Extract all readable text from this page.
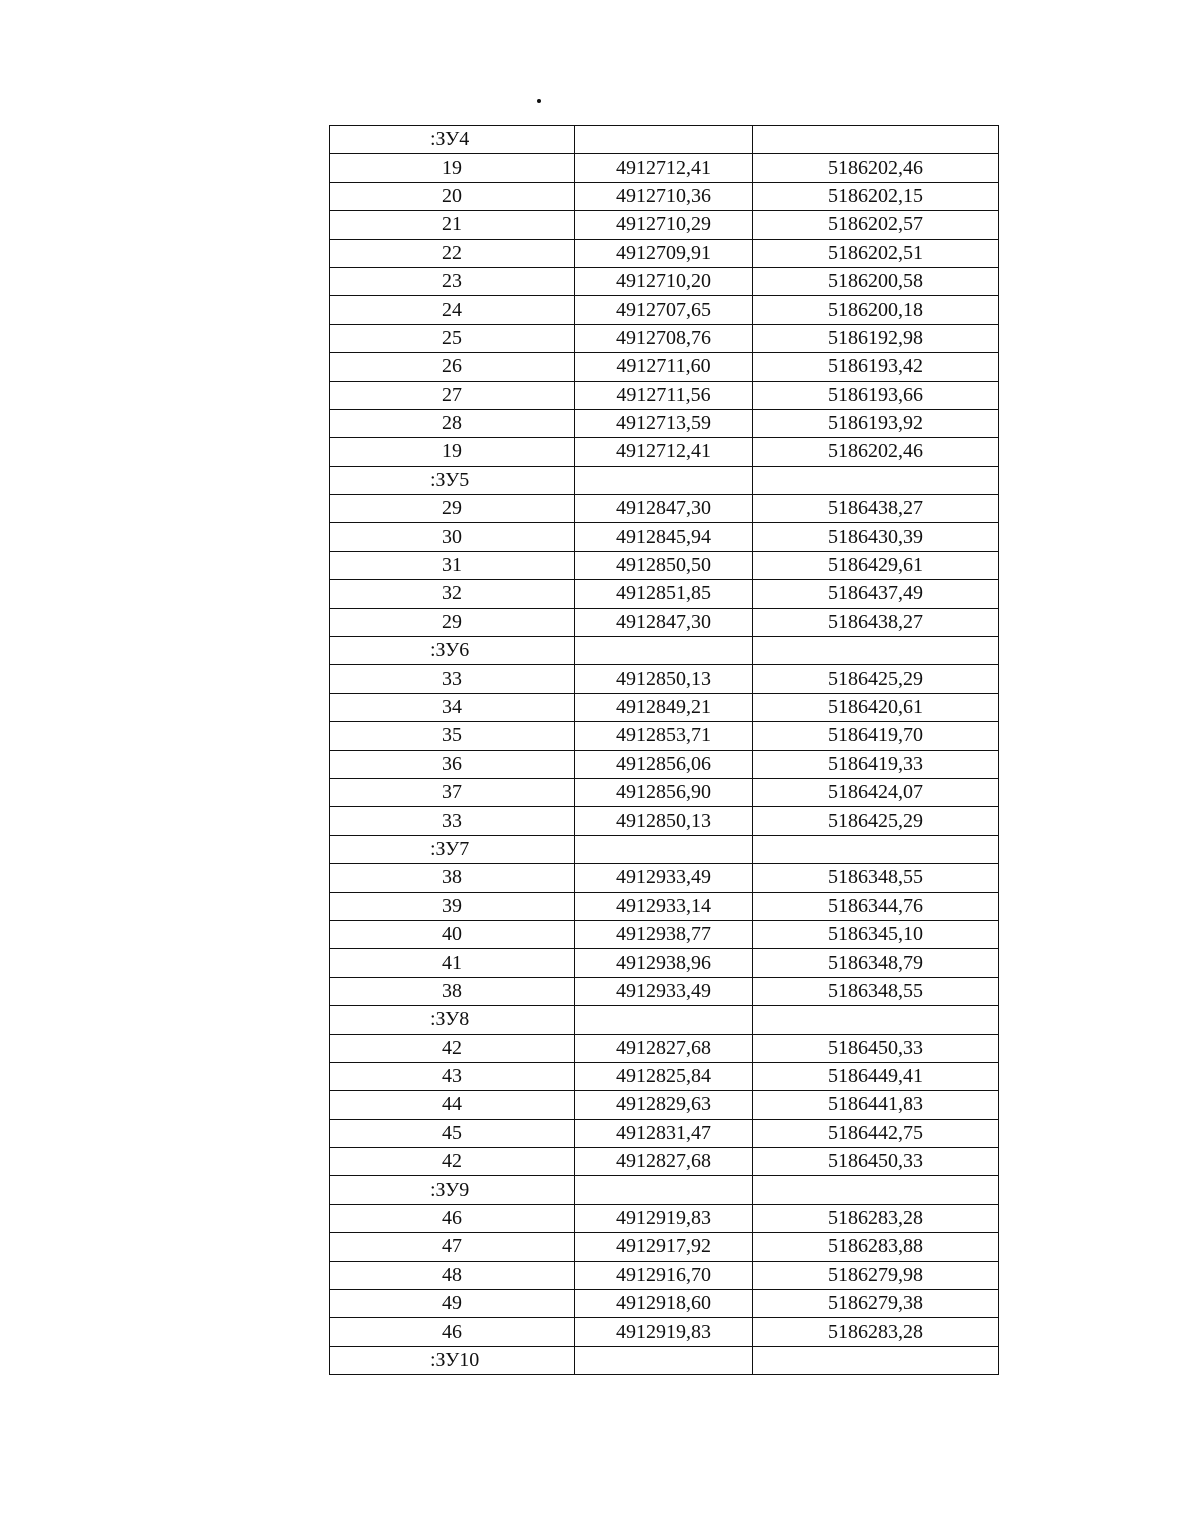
:ЗУ4		
19	4912712,41	5186202,46
20	4912710,36	5186202,15
21	4912710,29	5186202,57
22	4912709,91	5186202,51
23	4912710,20	5186200,58
24	4912707,65	5186200,18
25	4912708,76	5186192,98
26	4912711,60	5186193,42
27	4912711,56	5186193,66
28	4912713,59	5186193,92
19	4912712,41	5186202,46
:ЗУ5		
29	4912847,30	5186438,27
30	4912845,94	5186430,39
31	4912850,50	5186429,61
32	4912851,85	5186437,49
29	4912847,30	5186438,27
:ЗУ6		
33	4912850,13	5186425,29
34	4912849,21	5186420,61
35	4912853,71	5186419,70
36	4912856,06	5186419,33
37	4912856,90	5186424,07
33	4912850,13	5186425,29
:ЗУ7		
38	4912933,49	5186348,55
39	4912933,14	5186344,76
40	4912938,77	5186345,10
41	4912938,96	5186348,79
38	4912933,49	5186348,55
:ЗУ8		
42	4912827,68	5186450,33
43	4912825,84	5186449,41
44	4912829,63	5186441,83
45	4912831,47	5186442,75
42	4912827,68	5186450,33
:ЗУ9		
46	4912919,83	5186283,28
47	4912917,92	5186283,88
48	4912916,70	5186279,98
49	4912918,60	5186279,38
46	4912919,83	5186283,28
:ЗУ10		
